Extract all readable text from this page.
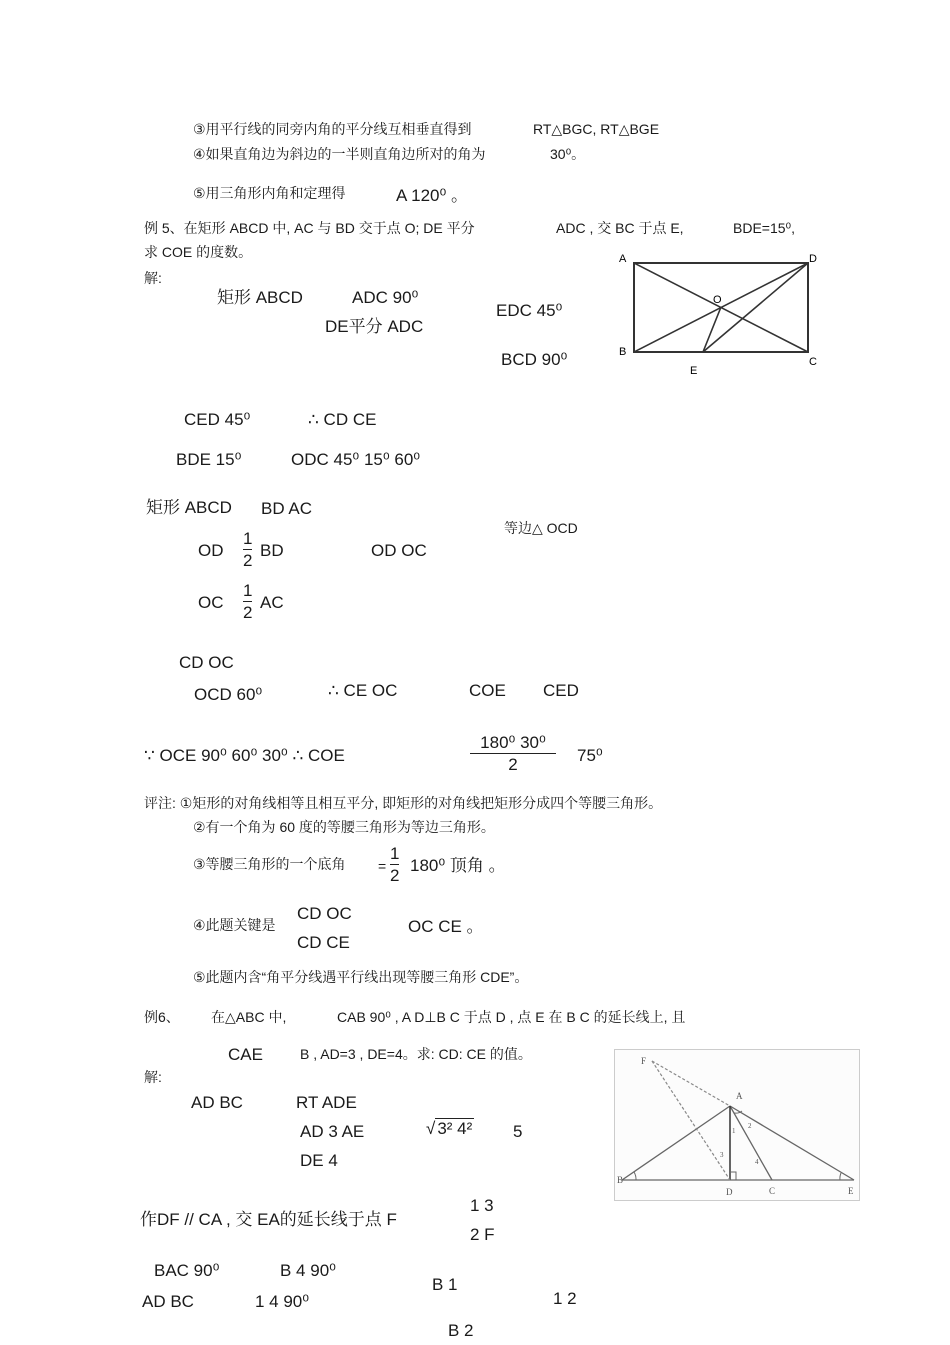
③用平行线的同旁内角的平分线互相垂直得到	RT△BGC, RT△BGE
④如果直角边为斜边的一半则直角边所对的角为	30⁰。
⑤用三角形内角和定理得	A 120⁰ 。
例 5、在矩形 ABCD 中, AC 与 BD 交于点 O; DE 平分	ADC , 交 BC 于点 E,	BDE=15⁰,
求 COE 的度数。
解:
矩形 ABCD	ADC 90⁰
DE平分 ADC
EDC 45⁰
BCD 90⁰
A	D
O
B
C
E
CED 45⁰	∴ CD CE
BDE 15⁰	ODC 45⁰ 15⁰ 60⁰
矩形 ABCD BD AC
等边△ OCD
OD
1
2
BD	OD OC
OC
1
2
AC
CD OC
OCD 60⁰	∴ CE OC	COE CED
∵ OCE 90⁰ 60⁰ 30⁰ ∴ COE
180⁰ 30⁰
2	75⁰
评注: ①矩形的对角线相等且相互平分, 即矩形的对角线把矩形分成四个等腰三角形。
②有一个角为 60 度的等腰三角形为等边三角形。
③等腰三角形的一个底角 =
1
2
180⁰ 顶角 。
④此题关键是
CD OC
CD CE
OC CE 。
⑤此题内含“角平分线遇平行线出现等腰三角形 CDE”。
例6、 在△ABC 中,	CAB 90⁰ , A D⊥B C 于点 D , 点 E 在 B C 的延长线上, 且
CAE	B , AD=3 , DE=4。求: CD: CE 的值。
解:
F
A
B
D	C	E
1
2
3
4
AD BC	RT ADE
AD 3 AE	√ 3² 4² 5
DE 4
作DF // CA , 交 EA的延长线于点 F
1 3
2 F
BAC 90⁰	B 4 90⁰
AD BC	1 4 90⁰
B 1
1 2
B 2
